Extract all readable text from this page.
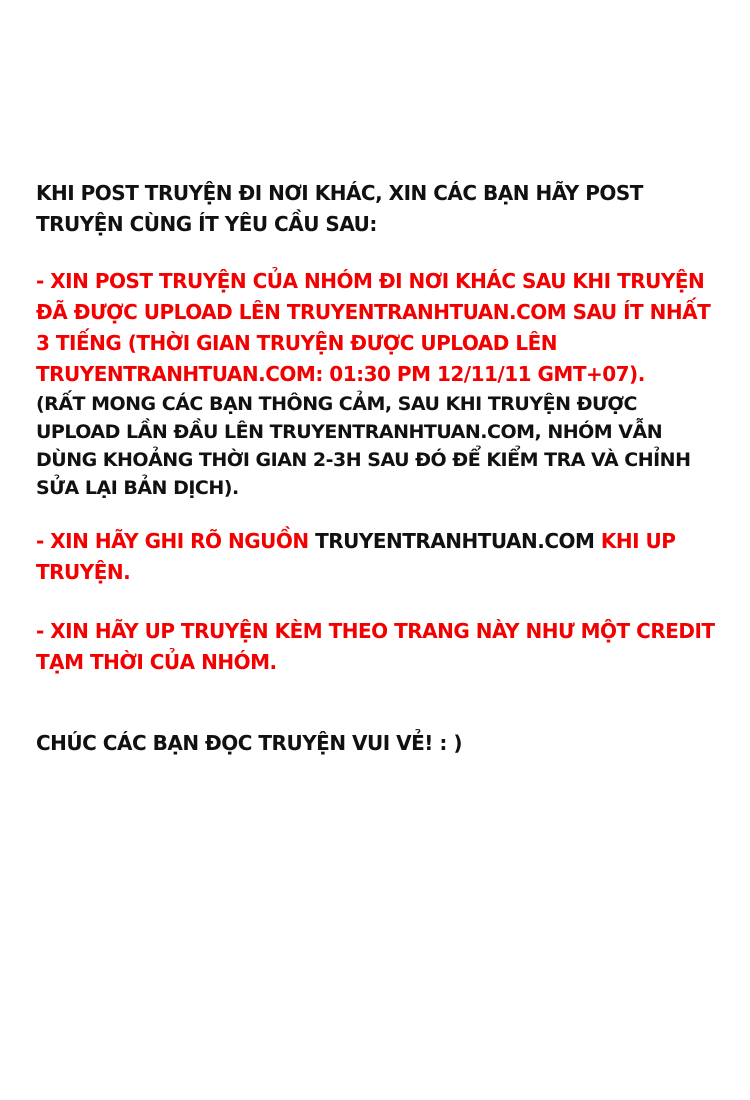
KHI POST TRUYỆN ĐI NƠI KHÁC, XIN CÁC BẠN HÃY POST TRUYỆN CÙNG ÍT YÊU CẦU SAU:

- XIN POST TRUYỆN CỦA NHÓM ĐI NƠI KHÁC SAU KHI TRUYỆN ĐÃ ĐƯỢC UPLOAD LÊN TRUYENTRANHTUAN.COM SAU ÍT NHẤT 3 TIẾNG (THỜI GIAN TRUYỆN ĐƯỢC UPLOAD LÊN TRUYENTRANHTUAN.COM: 01:30 PM 12/11/11 GMT+07).

(RẤT MONG CÁC BẠN THÔNG CẢM, SAU KHI TRUYỆN ĐƯỢC UPLOAD LẦN ĐẦU LÊN TRUYENTRANHTUAN.COM, NHÓM VẪN DÙNG KHOẢNG THỜI GIAN 2-3H SAU ĐÓ ĐỂ KIỂM TRA VÀ CHỈNH SỬA LẠI BẢN DỊCH).

- XIN HÃY GHI RÕ NGUỒN TRUYENTRANHTUAN.COM KHI UP TRUYỆN.

- XIN HÃY UP TRUYỆN KÈM THEO TRANG NÀY NHƯ MỘT CREDIT TẠM THỜI CỦA NHÓM.

CHÚC CÁC BẠN ĐỌC TRUYỆN VUI VẺ! : )
